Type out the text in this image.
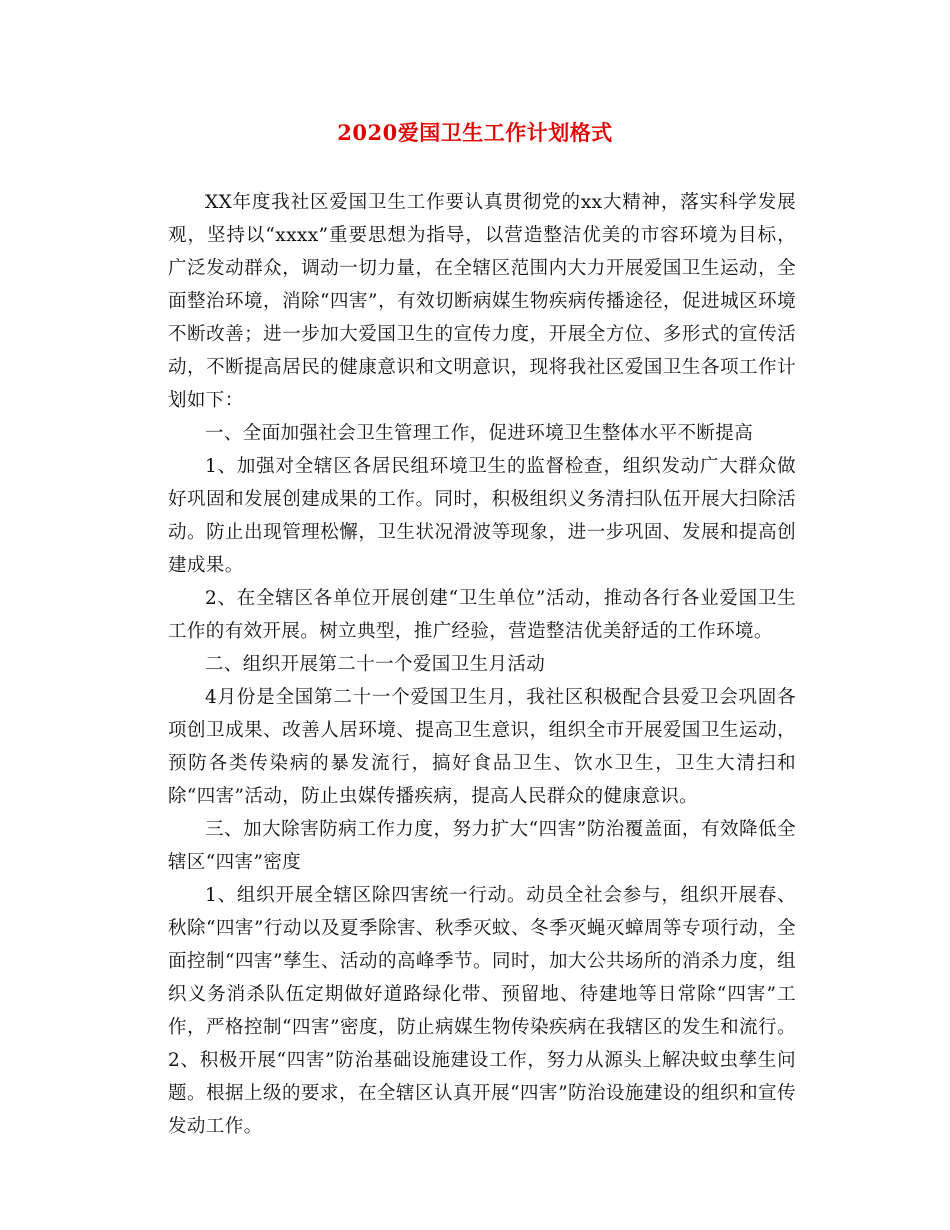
2020爱国卫生工作计划格式

XX年度我社区爱国卫生工作要认真贯彻党的xx大精神，落实科学发展观，坚持以“xxxx”重要思想为指导，以营造整洁优美的市容环境为目标，广泛发动群众，调动一切力量，在全辖区范围内大力开展爱国卫生运动，全面整治环境，消除“四害”，有效切断病媒生物疾病传播途径，促进城区环境不断改善；进一步加大爱国卫生的宣传力度，开展全方位、多形式的宣传活动，不断提高居民的健康意识和文明意识，现将我社区爱国卫生各项工作计划如下：

一、全面加强社会卫生管理工作，促进环境卫生整体水平不断提高

1、加强对全辖区各居民组环境卫生的监督检查，组织发动广大群众做好巩固和发展创建成果的工作。同时，积极组织义务清扫队伍开展大扫除活动。防止出现管理松懈，卫生状况滑波等现象，进一步巩固、发展和提高创建成果。

2、在全辖区各单位开展创建“卫生单位”活动，推动各行各业爱国卫生工作的有效开展。树立典型，推广经验，营造整洁优美舒适的工作环境。

二、组织开展第二十一个爱国卫生月活动

4月份是全国第二十一个爱国卫生月，我社区积极配合县爱卫会巩固各项创卫成果、改善人居环境、提高卫生意识，组织全市开展爱国卫生运动，预防各类传染病的暴发流行，搞好食品卫生、饮水卫生，卫生大清扫和除“四害”活动，防止虫媒传播疾病，提高人民群众的健康意识。

三、加大除害防病工作力度，努力扩大“四害”防治覆盖面，有效降低全辖区“四害”密度

1、组织开展全辖区除四害统一行动。动员全社会参与，组织开展春、秋除“四害”行动以及夏季除害、秋季灭蚊、冬季灭蝇灭蟑周等专项行动，全面控制“四害”孳生、活动的高峰季节。同时，加大公共场所的消杀力度，组织义务消杀队伍定期做好道路绿化带、预留地、待建地等日常除“四害”工作，严格控制“四害”密度，防止病媒生物传染疾病在我辖区的发生和流行。2、积极开展“四害”防治基础设施建设工作，努力从源头上解决蚊虫孳生问题。根据上级的要求，在全辖区认真开展“四害”防治设施建设的组织和宣传发动工作。
